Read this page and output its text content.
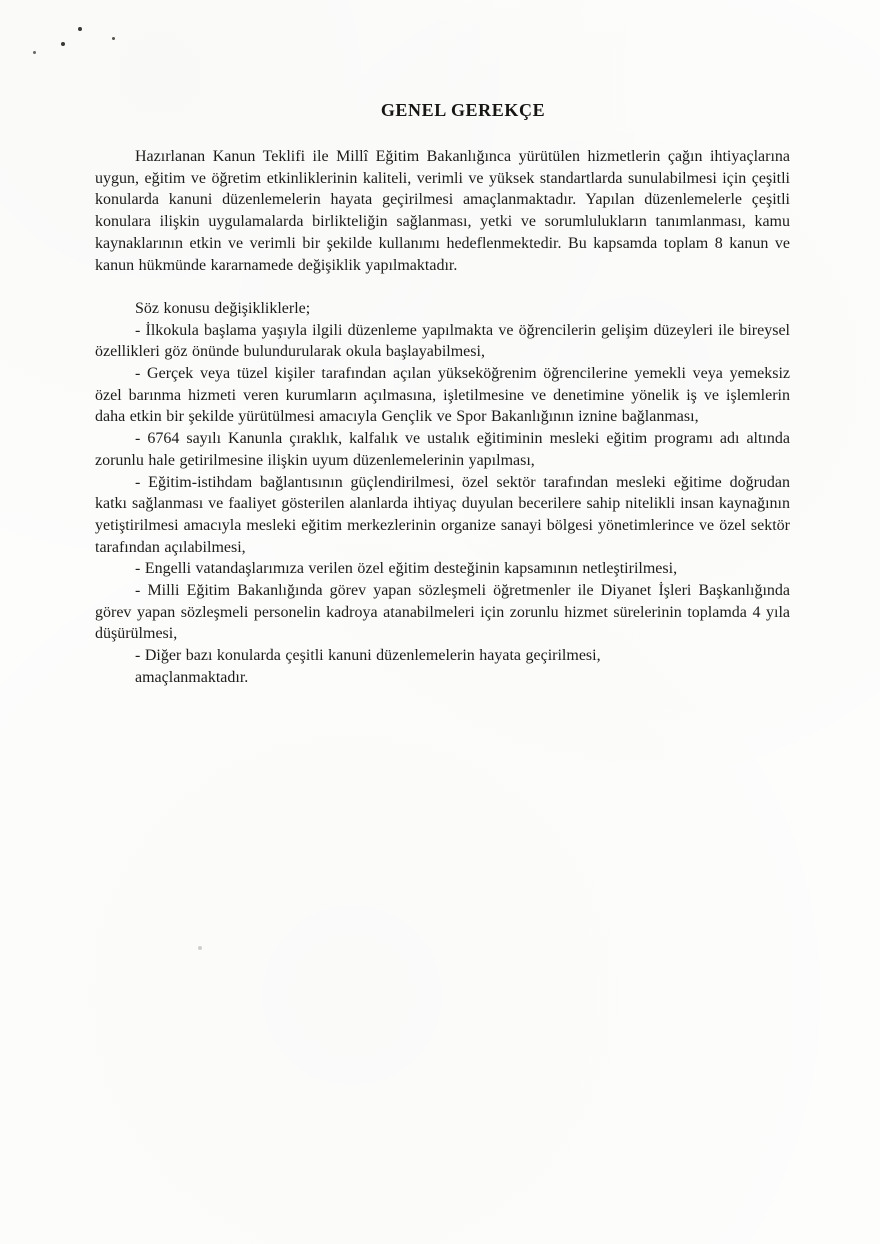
GENEL GEREKÇE

Hazırlanan Kanun Teklifi ile Millî Eğitim Bakanlığınca yürütülen hizmetlerin çağın ihtiyaçlarına uygun, eğitim ve öğretim etkinliklerinin kaliteli, verimli ve yüksek standartlarda sunulabilmesi için çeşitli konularda kanuni düzenlemelerin hayata geçirilmesi amaçlanmaktadır. Yapılan düzenlemelerle çeşitli konulara ilişkin uygulamalarda birlikteliğin sağlanması, yetki ve sorumlulukların tanımlanması, kamu kaynaklarının etkin ve verimli bir şekilde kullanımı hedeflenmektedir. Bu kapsamda toplam 8 kanun ve kanun hükmünde kararnamede değişiklik yapılmaktadır.

Söz konusu değişikliklerle;

- İlkokula başlama yaşıyla ilgili düzenleme yapılmakta ve öğrencilerin gelişim düzeyleri ile bireysel özellikleri göz önünde bulundurularak okula başlayabilmesi,

- Gerçek veya tüzel kişiler tarafından açılan yükseköğrenim öğrencilerine yemekli veya yemeksiz özel barınma hizmeti veren kurumların açılmasına, işletilmesine ve denetimine yönelik iş ve işlemlerin daha etkin bir şekilde yürütülmesi amacıyla Gençlik ve Spor Bakanlığının iznine bağlanması,

- 6764 sayılı Kanunla çıraklık, kalfalık ve ustalık eğitiminin mesleki eğitim programı adı altında zorunlu hale getirilmesine ilişkin uyum düzenlemelerinin yapılması,

- Eğitim-istihdam bağlantısının güçlendirilmesi, özel sektör tarafından mesleki eğitime doğrudan katkı sağlanması ve faaliyet gösterilen alanlarda ihtiyaç duyulan becerilere sahip nitelikli insan kaynağının yetiştirilmesi amacıyla mesleki eğitim merkezlerinin organize sanayi bölgesi yönetimlerince ve özel sektör tarafından açılabilmesi,

- Engelli vatandaşlarımıza verilen özel eğitim desteğinin kapsamının netleştirilmesi,

- Milli Eğitim Bakanlığında görev yapan sözleşmeli öğretmenler ile Diyanet İşleri Başkanlığında görev yapan sözleşmeli personelin kadroya atanabilmeleri için zorunlu hizmet sürelerinin toplamda 4 yıla düşürülmesi,

- Diğer bazı konularda çeşitli kanuni düzenlemelerin hayata geçirilmesi,

amaçlanmaktadır.
